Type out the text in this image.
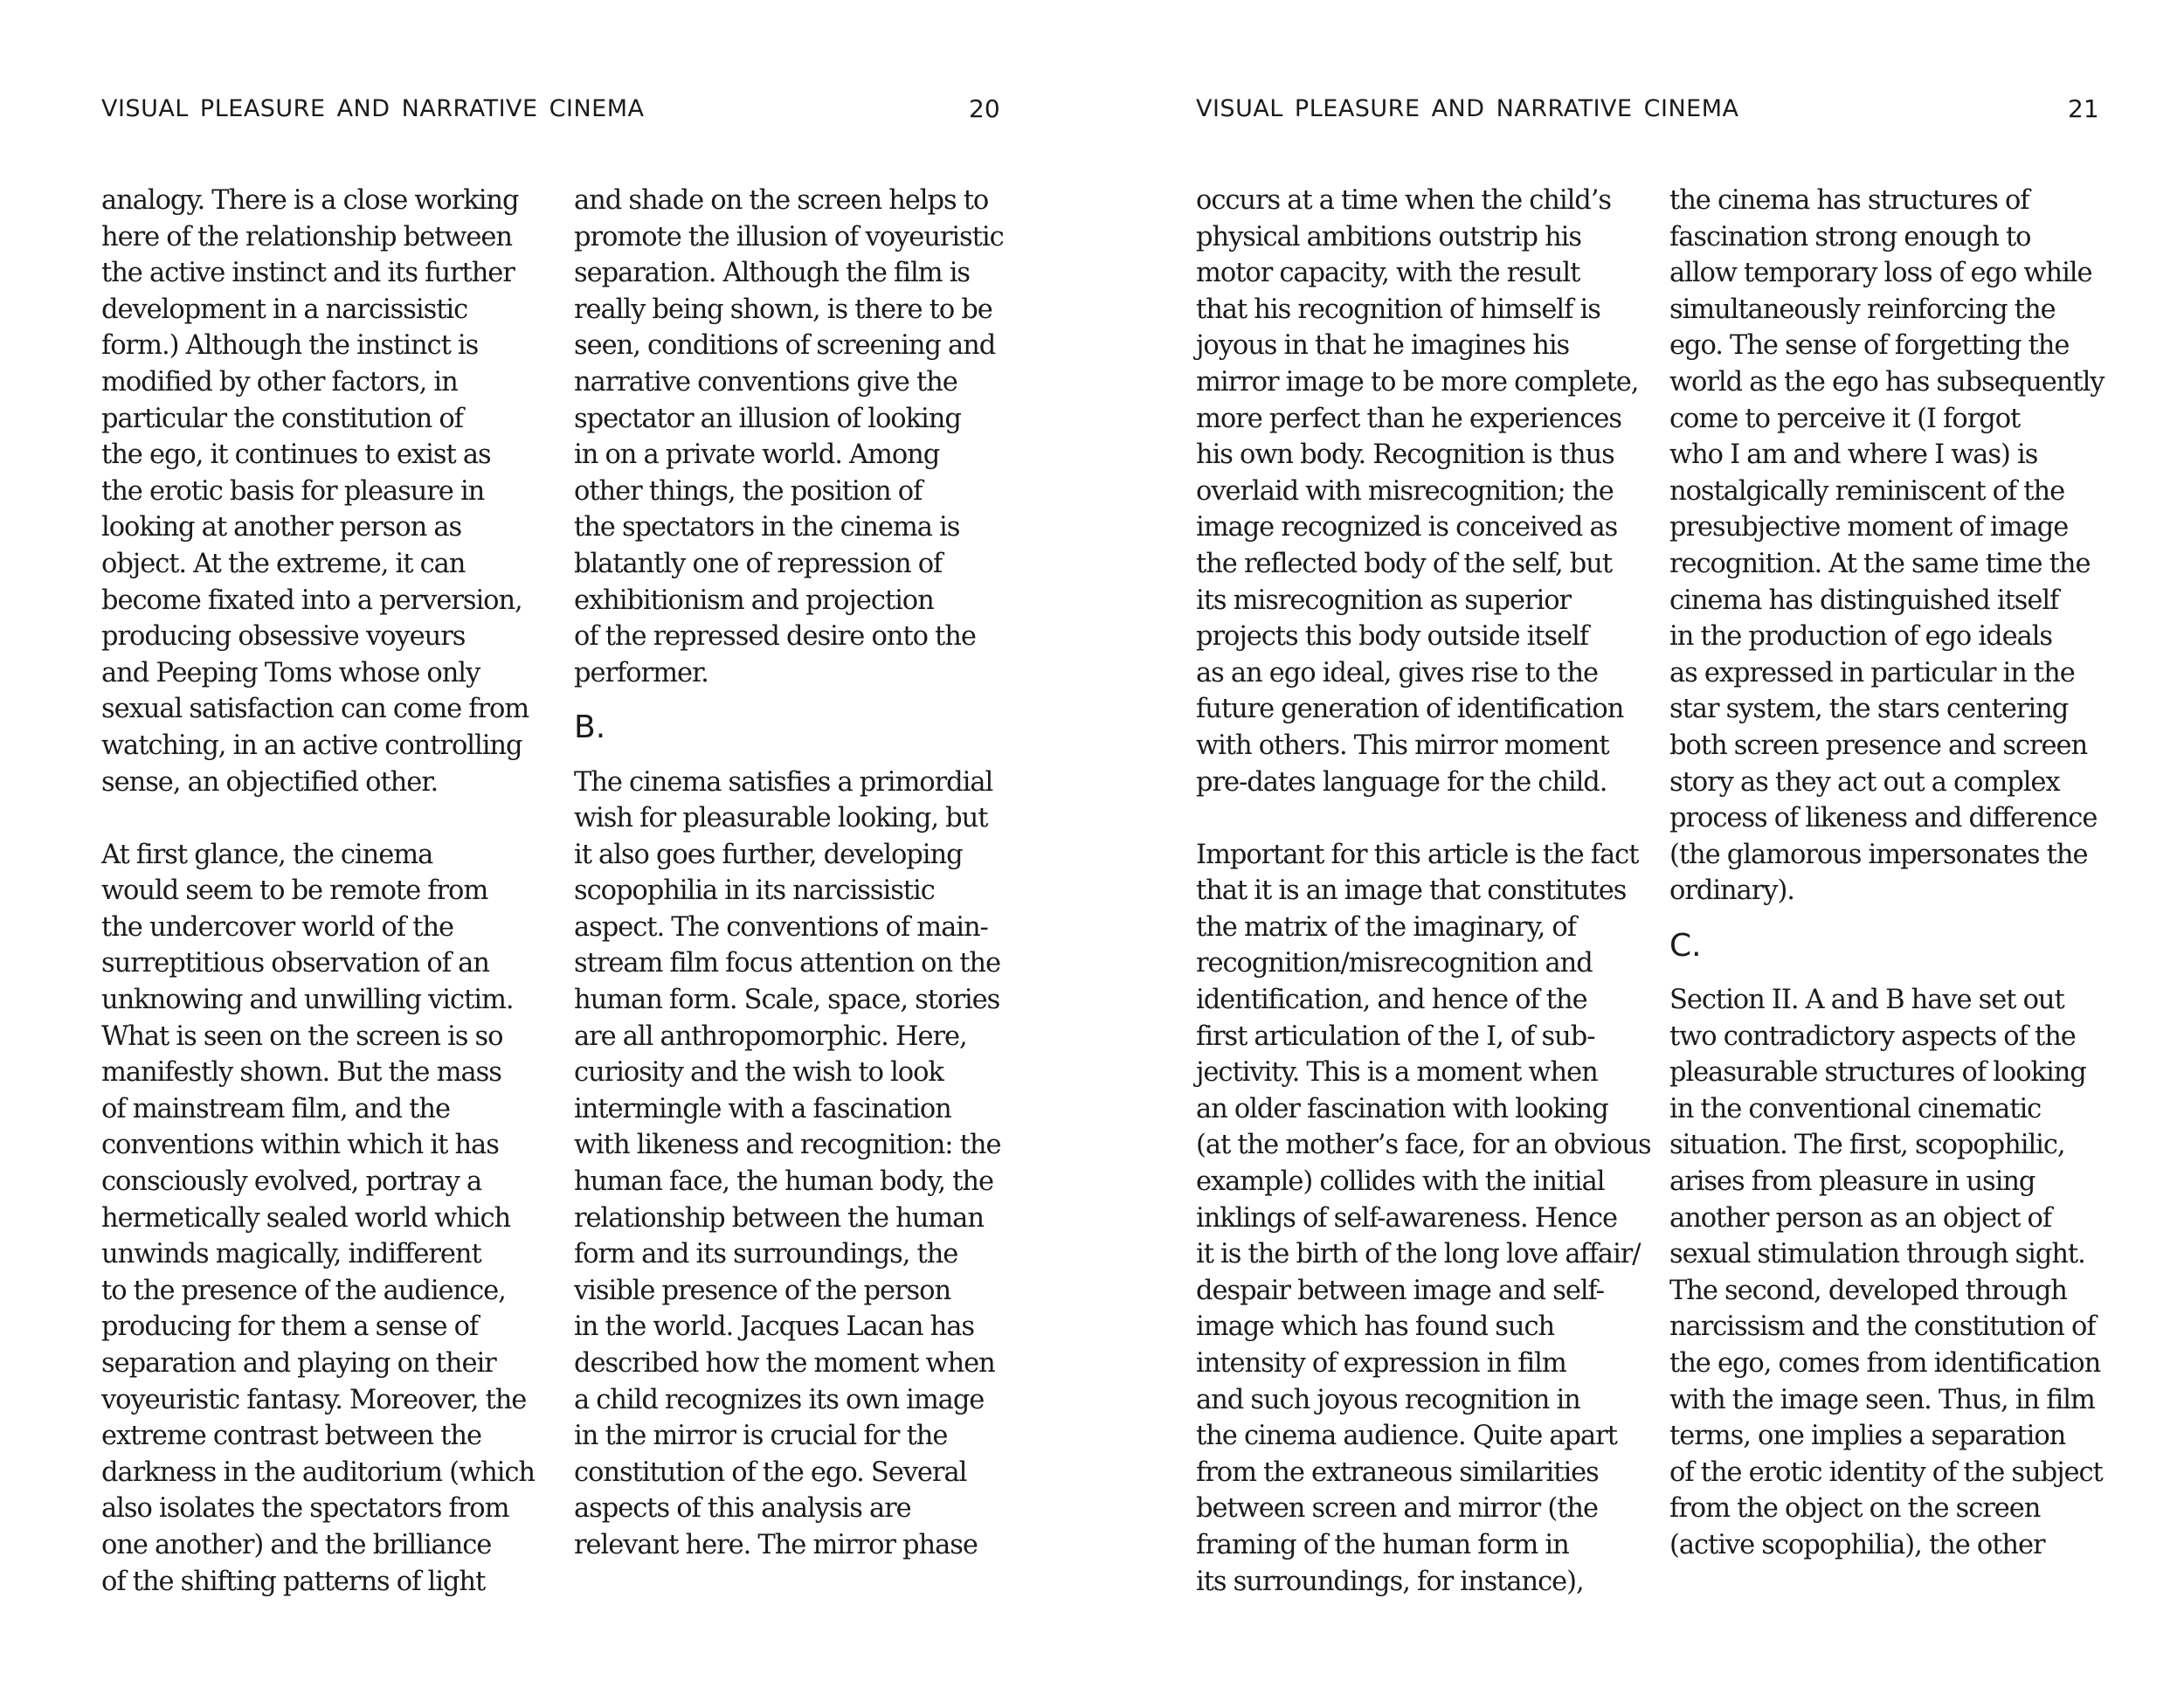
VISUAL PLEASURE AND NARRATIVE CINEMA	20
analogy. There is a close working
here of the relationship between
the active instinct and its further
development in a narcissistic
form.) Although the instinct is
modified by other factors, in
particular the constitution of
the ego, it continues to exist as
the erotic basis for pleasure in
looking at another person as
object. At the extreme, it can
become fixated into a perversion,
producing obsessive voyeurs
and Peeping Toms whose only
sexual satisfaction can come from
watching, in an active controlling
sense, an objectified other.
At first glance, the cinema
would seem to be remote from
the undercover world of the
surreptitious observation of an
unknowing and unwilling victim.
What is seen on the screen is so
manifestly shown. But the mass
of mainstream film, and the
conventions within which it has
consciously evolved, portray a
hermetically sealed world which
unwinds magically, indifferent
to the presence of the audience,
producing for them a sense of
separation and playing on their
voyeuristic fantasy. Moreover, the
extreme contrast between the
darkness in the auditorium (which
also isolates the spectators from
one another) and the brilliance
of the shifting patterns of light
and shade on the screen helps to
promote the illusion of voyeuristic
separation. Although the film is
really being shown, is there to be
seen, conditions of screening and
narrative conventions give the
spectator an illusion of looking
in on a private world. Among
other things, the position of
the spectators in the cinema is
blatantly one of repression of
exhibitionism and projection
of the repressed desire onto the
performer.
B.
The cinema satisfies a primordial
wish for pleasurable looking, but
it also goes further, developing
scopophilia in its narcissistic
aspect. The conventions of main-
stream film focus attention on the
human form. Scale, space, stories
are all anthropomorphic. Here,
curiosity and the wish to look
intermingle with a fascination
with likeness and recognition: the
human face, the human body, the
relationship between the human
form and its surroundings, the
visible presence of the person
in the world. Jacques Lacan has
described how the moment when
a child recognizes its own image
in the mirror is crucial for the
constitution of the ego. Several
aspects of this analysis are
relevant here. The mirror phase
VISUAL PLEASURE AND NARRATIVE CINEMA	21
occurs at a time when the child’s
physical ambitions outstrip his
motor capacity, with the result
that his recognition of himself is
joyous in that he imagines his
mirror image to be more complete,
more perfect than he experiences
his own body. Recognition is thus
overlaid with misrecognition; the
image recognized is conceived as
the reflected body of the self, but
its misrecognition as superior
projects this body outside itself
as an ego ideal, gives rise to the
future generation of identification
with others. This mirror moment
pre-dates language for the child.
Important for this article is the fact
that it is an image that constitutes
the matrix of the imaginary, of
recognition/misrecognition and
identification, and hence of the
first articulation of the I, of sub-
jectivity. This is a moment when
an older fascination with looking
(at the mother’s face, for an obvious
example) collides with the initial
inklings of self-awareness. Hence
it is the birth of the long love affair/
despair between image and self-
image which has found such
intensity of expression in film
and such joyous recognition in
the cinema audience. Quite apart
from the extraneous similarities
between screen and mirror (the
framing of the human form in
its surroundings, for instance),
the cinema has structures of
fascination strong enough to
allow temporary loss of ego while
simultaneously reinforcing the
ego. The sense of forgetting the
world as the ego has subsequently
come to perceive it (I forgot
who I am and where I was) is
nostalgically reminiscent of the
presubjective moment of image
recognition. At the same time the
cinema has distinguished itself
in the production of ego ideals
as expressed in particular in the
star system, the stars centering
both screen presence and screen
story as they act out a complex
process of likeness and difference
(the glamorous impersonates the
ordinary).
C.
Section II. A and B have set out
two contradictory aspects of the
pleasurable structures of looking
in the conventional cinematic
situation. The first, scopophilic,
arises from pleasure in using
another person as an object of
sexual stimulation through sight.
The second, developed through
narcissism and the constitution of
the ego, comes from identification
with the image seen. Thus, in film
terms, one implies a separation
of the erotic identity of the subject
from the object on the screen
(active scopophilia), the other
